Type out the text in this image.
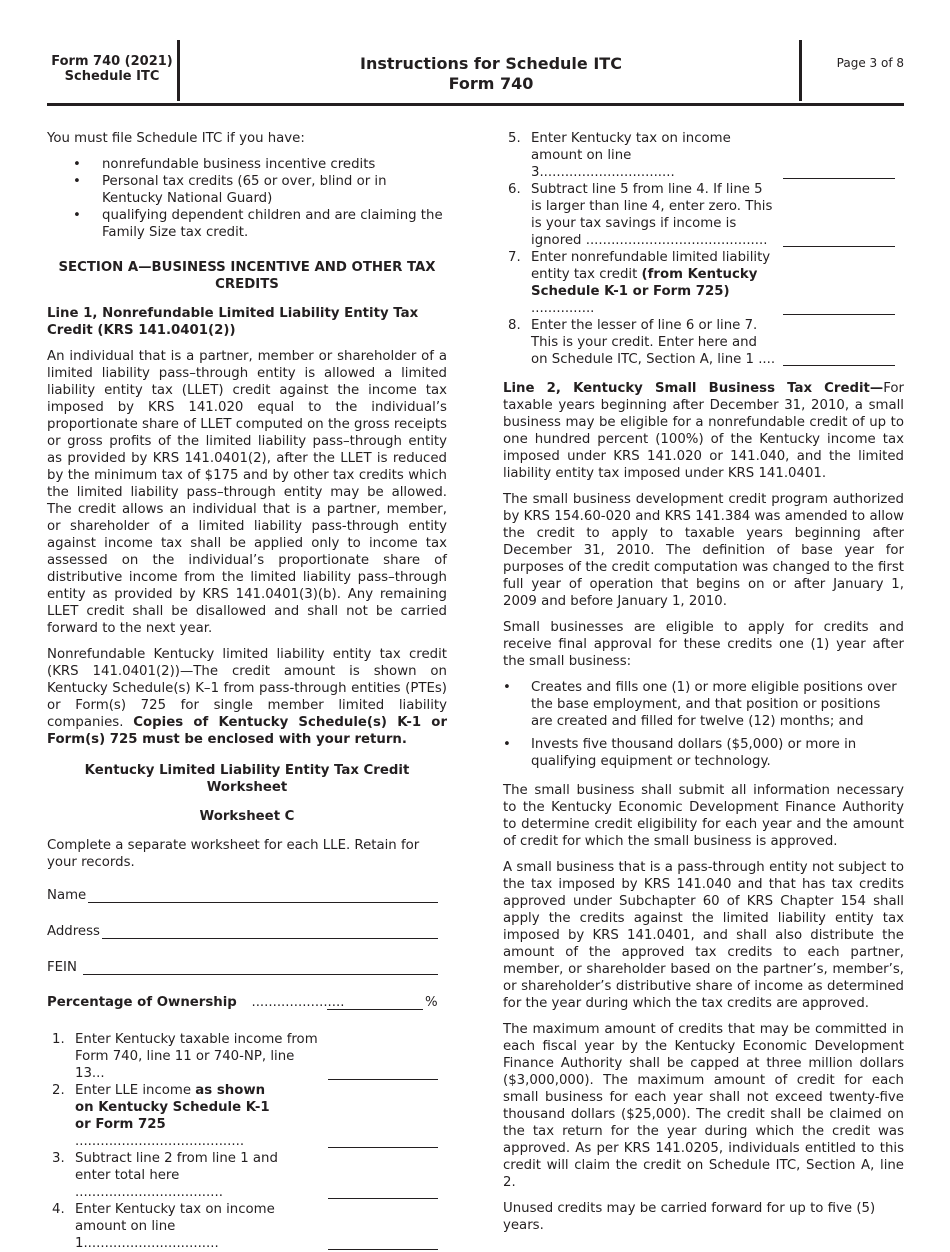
Form 740 (2021)
Schedule ITC
Instructions for Schedule ITC
Form 740
Page 3 of 8

You must file Schedule ITC if you have:

• nonrefundable business incentive credits
• Personal tax credits (65 or over, blind or in Kentucky National Guard)
• qualifying dependent children and are claiming the Family Size tax credit.
SECTION A—BUSINESS INCENTIVE AND OTHER TAX CREDITS

Line 1, Nonrefundable Limited Liability Entity Tax Credit (KRS 141.0401(2))

An individual that is a partner, member or shareholder of a limited liability pass–through entity is allowed a limited liability entity tax (LLET) credit against the income tax imposed by KRS 141.020 equal to the individual’s proportionate share of LLET computed on the gross receipts or gross profits of the limited liability pass–through entity as provided by KRS 141.0401(2), after the LLET is reduced by the minimum tax of $175 and by other tax credits which the limited liability pass–through entity may be allowed. The credit allows an individual that is a partner, member, or shareholder of a limited liability pass-through entity against income tax shall be applied only to income tax assessed on the individual’s proportionate share of distributive income from the limited liability pass–through entity as provided by KRS 141.0401(3)(b). Any remaining LLET credit shall be disallowed and shall not be carried forward to the next year.

Nonrefundable Kentucky limited liability entity tax credit (KRS 141.0401(2))—The credit amount is shown on Kentucky Schedule(s) K–1 from pass-through entities (PTEs) or Form(s) 725 for single member limited liability companies. Copies of Kentucky Schedule(s) K-1 or Form(s) 725 must be enclosed with your return.

Kentucky Limited Liability Entity Tax Credit Worksheet
Worksheet C

Complete a separate worksheet for each LLE. Retain for your records.

Name
Address
FEIN
Percentage of Ownership ......................	%
1. Enter Kentucky taxable income from
Form 740, line 11 or 740-NP, line 13...
2. Enter LLE income as shown
on Kentucky Schedule K-1
or Form 725 ........................................
3. Subtract line 2 from line 1 and
enter total here ...................................
4. Enter Kentucky tax on income
amount on line 1................................
5. Enter Kentucky tax on income amount on line 3................................
6. Subtract line 5 from line 4. If line 5 is larger than line 4, enter zero. This is your tax savings if income is ignored ...........................................
7. Enter nonrefundable limited liability entity tax credit (from Kentucky Schedule K-1 or Form 725) ...............
8. Enter the lesser of line 6 or line 7. This is your credit. Enter here and on Schedule ITC, Section A, line 1 ....

Line 2, Kentucky Small Business Tax Credit—For taxable years beginning after December 31, 2010, a small business may be eligible for a nonrefundable credit of up to one hundred percent (100%) of the Kentucky income tax imposed under KRS 141.020 or 141.040, and the limited liability entity tax imposed under KRS 141.0401.

The small business development credit program authorized by KRS 154.60-020 and KRS 141.384 was amended to allow the credit to apply to taxable years beginning after December 31, 2010. The definition of base year for purposes of the credit computation was changed to the first full year of operation that begins on or after January 1, 2009 and before January 1, 2010.

Small businesses are eligible to apply for credits and receive final approval for these credits one (1) year after the small business:

• Creates and fills one (1) or more eligible positions over the base employment, and that position or positions are created and filled for twelve (12) months; and
• Invests five thousand dollars ($5,000) or more in qualifying equipment or technology.

The small business shall submit all information necessary to the Kentucky Economic Development Finance Authority to determine credit eligibility for each year and the amount of credit for which the small business is approved.

A small business that is a pass-through entity not subject to the tax imposed by KRS 141.040 and that has tax credits approved under Subchapter 60 of KRS Chapter 154 shall apply the credits against the limited liability entity tax imposed by KRS 141.0401, and shall also distribute the amount of the approved tax credits to each partner, member, or shareholder based on the partner’s, member’s, or shareholder’s distributive share of income as determined for the year during which the tax credits are approved.

The maximum amount of credits that may be committed in each fiscal year by the Kentucky Economic Development Finance Authority shall be capped at three million dollars ($3,000,000). The maximum amount of credit for each small business for each year shall not exceed twenty-five thousand dollars ($25,000). The credit shall be claimed on the tax return for the year during which the credit was approved. As per KRS 141.0205, individuals entitled to this credit will claim the credit on Schedule ITC, Section A, line 2.

Unused credits may be carried forward for up to five (5) years.
